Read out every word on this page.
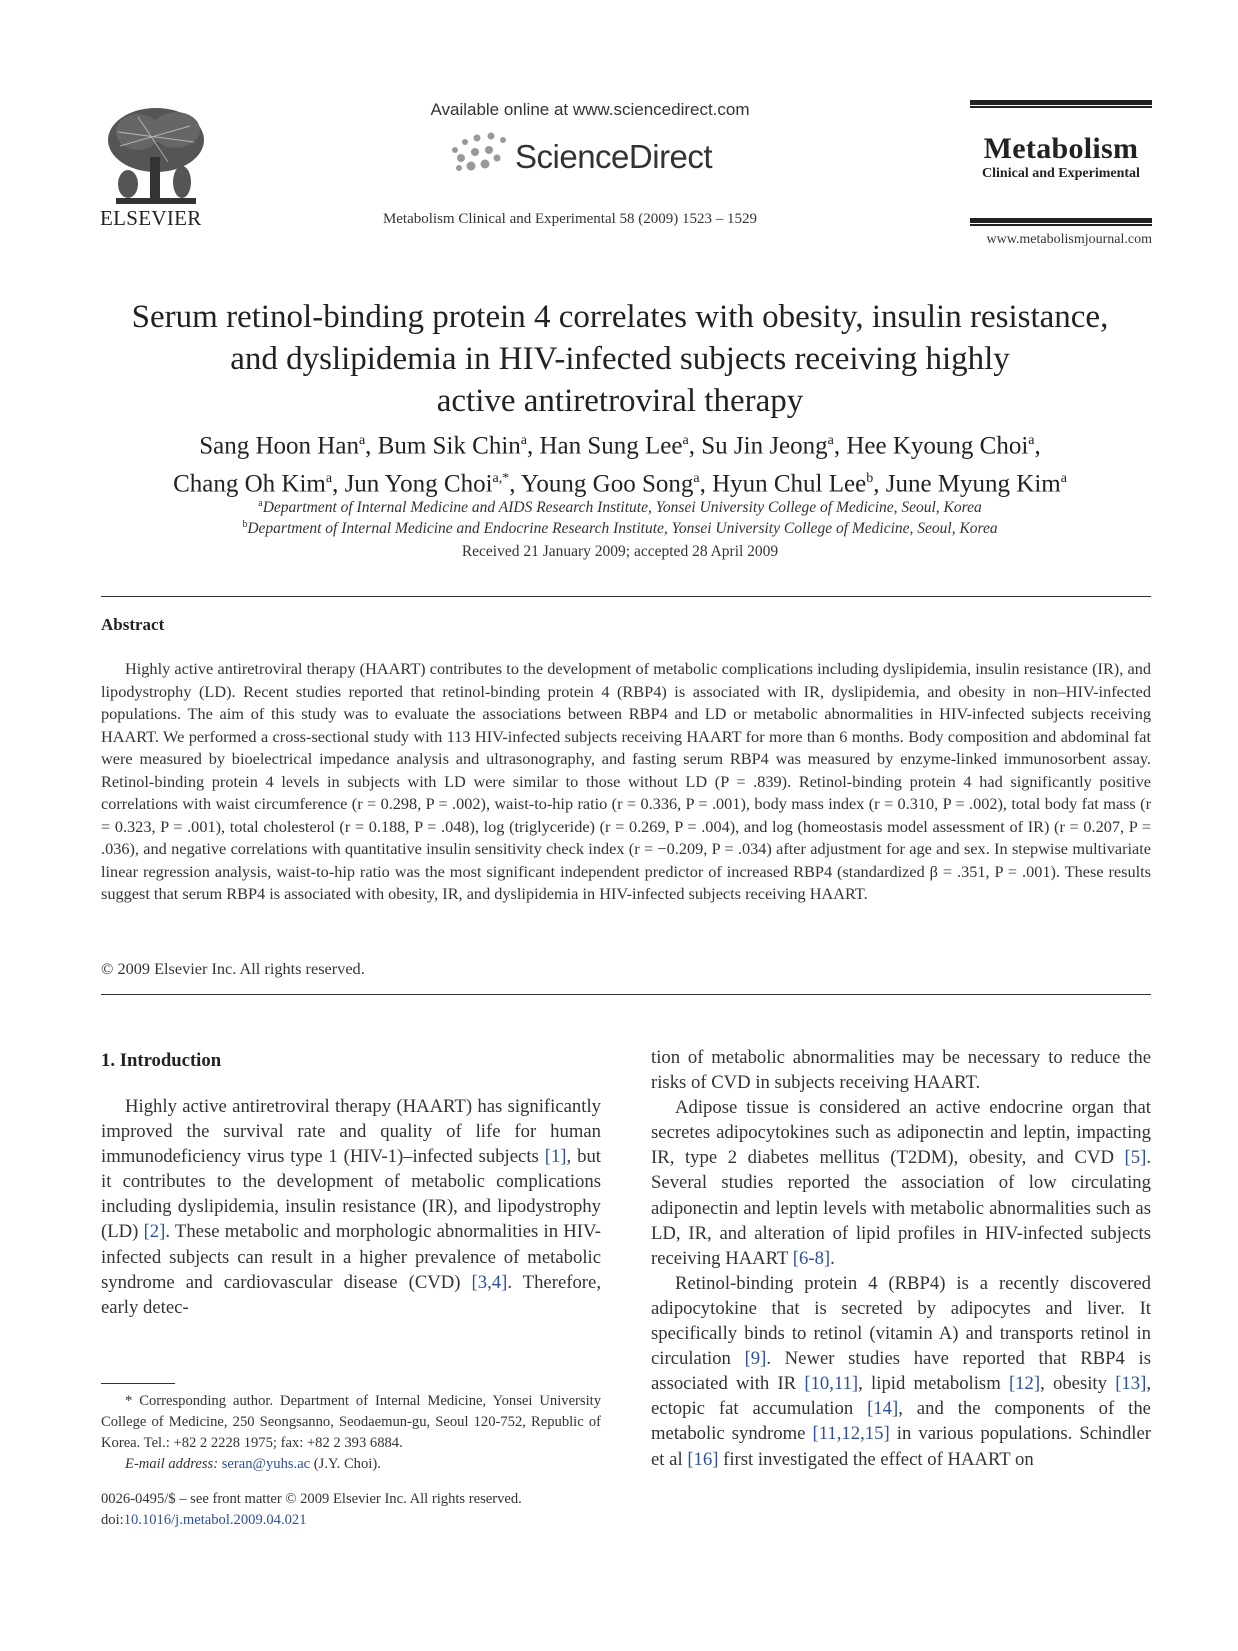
ELSEVIER
Available online at www.sciencedirect.com
ScienceDirect
Metabolism Clinical and Experimental 58 (2009) 1523 – 1529
Metabolism
Clinical and Experimental
www.metabolismjournal.com
Serum retinol-binding protein 4 correlates with obesity, insulin resistance,
and dyslipidemia in HIV-infected subjects receiving highly
active antiretroviral therapy
Sang Hoon Han$^a$, Bum Sik Chin$^a$, Han Sung Lee$^a$, Su Jin Jeong$^a$, Hee Kyoung Choi$^a$,
Chang Oh Kim$^a$, Jun Yong Choi$^{a,*}$, Young Goo Song$^a$, Hyun Chul Lee$^b$, June Myung Kim$^a$
$^a$Department of Internal Medicine and AIDS Research Institute, Yonsei University College of Medicine, Seoul, Korea
$^b$Department of Internal Medicine and Endocrine Research Institute, Yonsei University College of Medicine, Seoul, Korea
Received 21 January 2009; accepted 28 April 2009
Abstract
Highly active antiretroviral therapy (HAART) contributes to the development of metabolic complications including dyslipidemia, insulin resistance (IR), and lipodystrophy (LD). Recent studies reported that retinol-binding protein 4 (RBP4) is associated with IR, dyslipidemia, and obesity in non–HIV-infected populations. The aim of this study was to evaluate the associations between RBP4 and LD or metabolic abnormalities in HIV-infected subjects receiving HAART. We performed a cross-sectional study with 113 HIV-infected subjects receiving HAART for more than 6 months. Body composition and abdominal fat were measured by bioelectrical impedance analysis and ultrasonography, and fasting serum RBP4 was measured by enzyme-linked immunosorbent assay. Retinol-binding protein 4 levels in subjects with LD were similar to those without LD (P = .839). Retinol-binding protein 4 had significantly positive correlations with waist circumference (r = 0.298, P = .002), waist-to-hip ratio (r = 0.336, P = .001), body mass index (r = 0.310, P = .002), total body fat mass (r = 0.323, P = .001), total cholesterol (r = 0.188, P = .048), log (triglyceride) (r = 0.269, P = .004), and log (homeostasis model assessment of IR) (r = 0.207, P = .036), and negative correlations with quantitative insulin sensitivity check index (r = −0.209, P = .034) after adjustment for age and sex. In stepwise multivariate linear regression analysis, waist-to-hip ratio was the most significant independent predictor of increased RBP4 (standardized β = .351, P = .001). These results suggest that serum RBP4 is associated with obesity, IR, and dyslipidemia in HIV-infected subjects receiving HAART.
© 2009 Elsevier Inc. All rights reserved.
1. Introduction

Highly active antiretroviral therapy (HAART) has significantly improved the survival rate and quality of life for human immunodeficiency virus type 1 (HIV-1)–infected subjects [1], but it contributes to the development of metabolic complications including dyslipidemia, insulin resistance (IR), and lipodystrophy (LD) [2]. These metabolic and morphologic abnormalities in HIV-infected subjects can result in a higher prevalence of metabolic syndrome and cardiovascular disease (CVD) [3,4]. Therefore, early detec-

tion of metabolic abnormalities may be necessary to reduce the risks of CVD in subjects receiving HAART.

Adipose tissue is considered an active endocrine organ that secretes adipocytokines such as adiponectin and leptin, impacting IR, type 2 diabetes mellitus (T2DM), obesity, and CVD [5]. Several studies reported the association of low circulating adiponectin and leptin levels with metabolic abnormalities such as LD, IR, and alteration of lipid profiles in HIV-infected subjects receiving HAART [6-8].

Retinol-binding protein 4 (RBP4) is a recently discovered adipocytokine that is secreted by adipocytes and liver. It specifically binds to retinol (vitamin A) and transports retinol in circulation [9]. Newer studies have reported that RBP4 is associated with IR [10,11], lipid metabolism [12], obesity [13], ectopic fat accumulation [14], and the components of the metabolic syndrome [11,12,15] in various populations. Schindler et al [16] first investigated the effect of HAART on

* Corresponding author. Department of Internal Medicine, Yonsei University College of Medicine, 250 Seongsanno, Seodaemun-gu, Seoul 120-752, Republic of Korea. Tel.: +82 2 2228 1975; fax: +82 2 393 6884.

E-mail address: seran@yuhs.ac (J.Y. Choi).

0026-0495/$ – see front matter © 2009 Elsevier Inc. All rights reserved.
doi:10.1016/j.metabol.2009.04.021
